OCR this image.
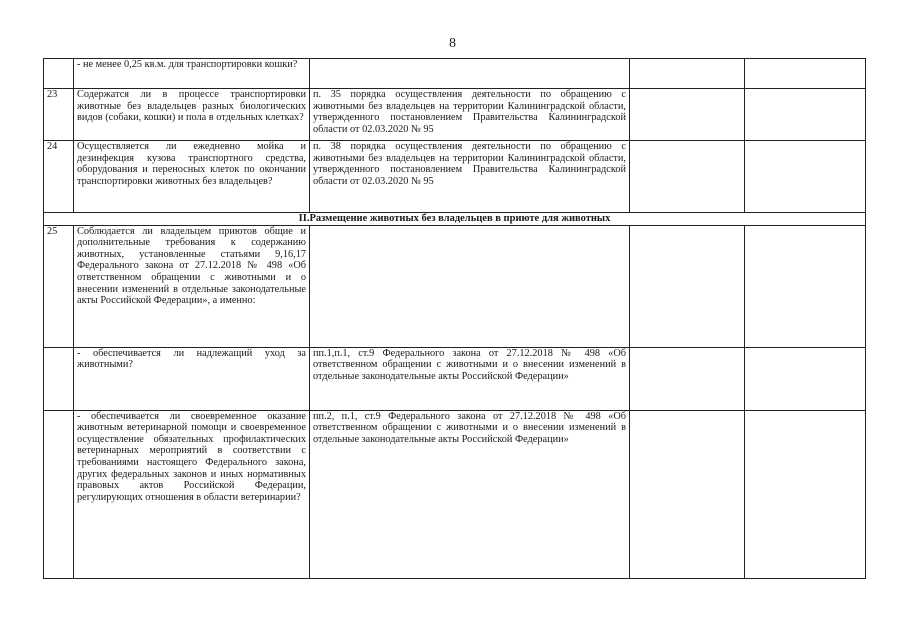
8
	- не менее 0,25 кв.м. для транспортировки кошки?			
23	Содержатся ли в процессе транспортировки животные без владельцев разных биологических видов (собаки, кошки) и пола в отдельных клетках?	п. 35 порядка осуществления деятельности по обращению с животными без владельцев на территории Калининградской области, утвержденного постановлением Правительства Калининградской области от 02.03.2020 № 95		
24	Осуществляется ли ежедневно мойка и дезинфекция кузова транспортного средства, оборудования и переносных клеток по окончании транспортировки животных без владельцев?	п. 38 порядка осуществления деятельности по обращению с животными без владельцев на территории Калининградской области, утвержденного постановлением Правительства Калининградской области от 02.03.2020 № 95		
II.Размещение животных без владельцев в приюте для животных				
25	Соблюдается ли владельцем приютов общие и дополнительные требования к содержанию животных, установленные статьями 9,16,17 Федерального закона от 27.12.2018 № 498 «Об ответственном обращении с животными и о внесении изменений в отдельные законодательные акты Российской Федерации», а именно:			
	- обеспечивается ли надлежащий уход за животными?	пп.1,п.1, ст.9 Федерального закона от 27.12.2018 № 498 «Об ответственном обращении с животными и о внесении изменений в отдельные законодательные акты Российской Федерации»		
	- обеспечивается ли своевременное оказание животным ветеринарной помощи и своевременное осуществление обязательных профилактических ветеринарных мероприятий в соответствии с требованиями настоящего Федерального закона, других федеральных законов и иных нормативных правовых актов Российской Федерации, регулирующих отношения в области ветеринарии?	пп.2, п.1, ст.9 Федерального закона от 27.12.2018 № 498 «Об ответственном обращении с животными и о внесении изменений в отдельные законодательные акты Российской Федерации»		
